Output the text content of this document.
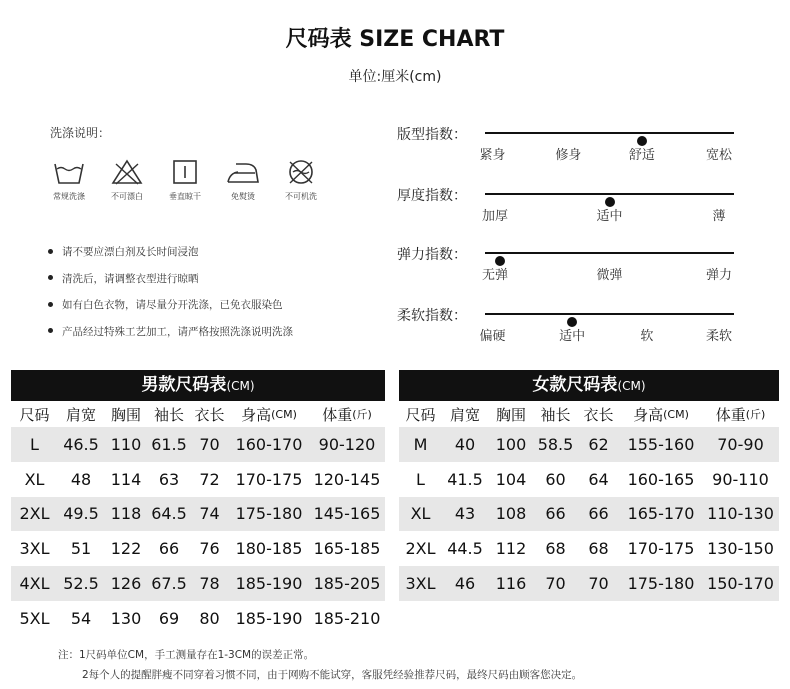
尺码表 SIZE CHART
单位:厘米(cm)
洗涤说明：
常规洗涤	不可漂白	垂直晾干	免熨烫	不可机洗
请不要应漂白剂及长时间浸泡
清洗后，请调整衣型进行晾晒
如有白色衣物，请尽量分开洗涤，已免衣服染色
产品经过特殊工艺加工，请严格按照洗涤说明洗涤
版型指数：
紧身	修身	舒适	宽松
厚度指数：
加厚	适中	薄
弹力指数：
无弹	微弹	弹力
柔软指数：
偏硬	适中	软	柔软
男款尺码表(CM)
尺码 肩宽 胸围 袖长 衣长 身高 (CM) 体重 (斤)
L	46.5 110 61.5 70 160-170	90-120
XL	48	114	63	72 170-175 120-145
2XL 49.5 118 64.5 74 175-180 145-165
3XL	51	122	66	76 180-185 165-185
4XL 52.5 126 67.5 78 185-190 185-205
5XL	54	130	69	80 185-190 185-210
女款尺码表(CM)
尺码 肩宽 胸围 袖长 衣长 身高 (CM) 体重 (斤)
M	40	100 58.5 62	155-160	70-90
L	41.5 104	60	64	160-165	90-110
XL	43	108	66	66	165-170 110-130
2XL 44.5 112	68	68	170-175 130-150
3XL	46	116	70	70	175-180 150-170
注：1尺码单位CM，手工测量存在1-3CM的误差正常。
2每个人的提醒胖瘦不同穿着习惯不同，由于网购不能试穿，客服凭经验推荐尺码，最终尺码由顾客您决定。
